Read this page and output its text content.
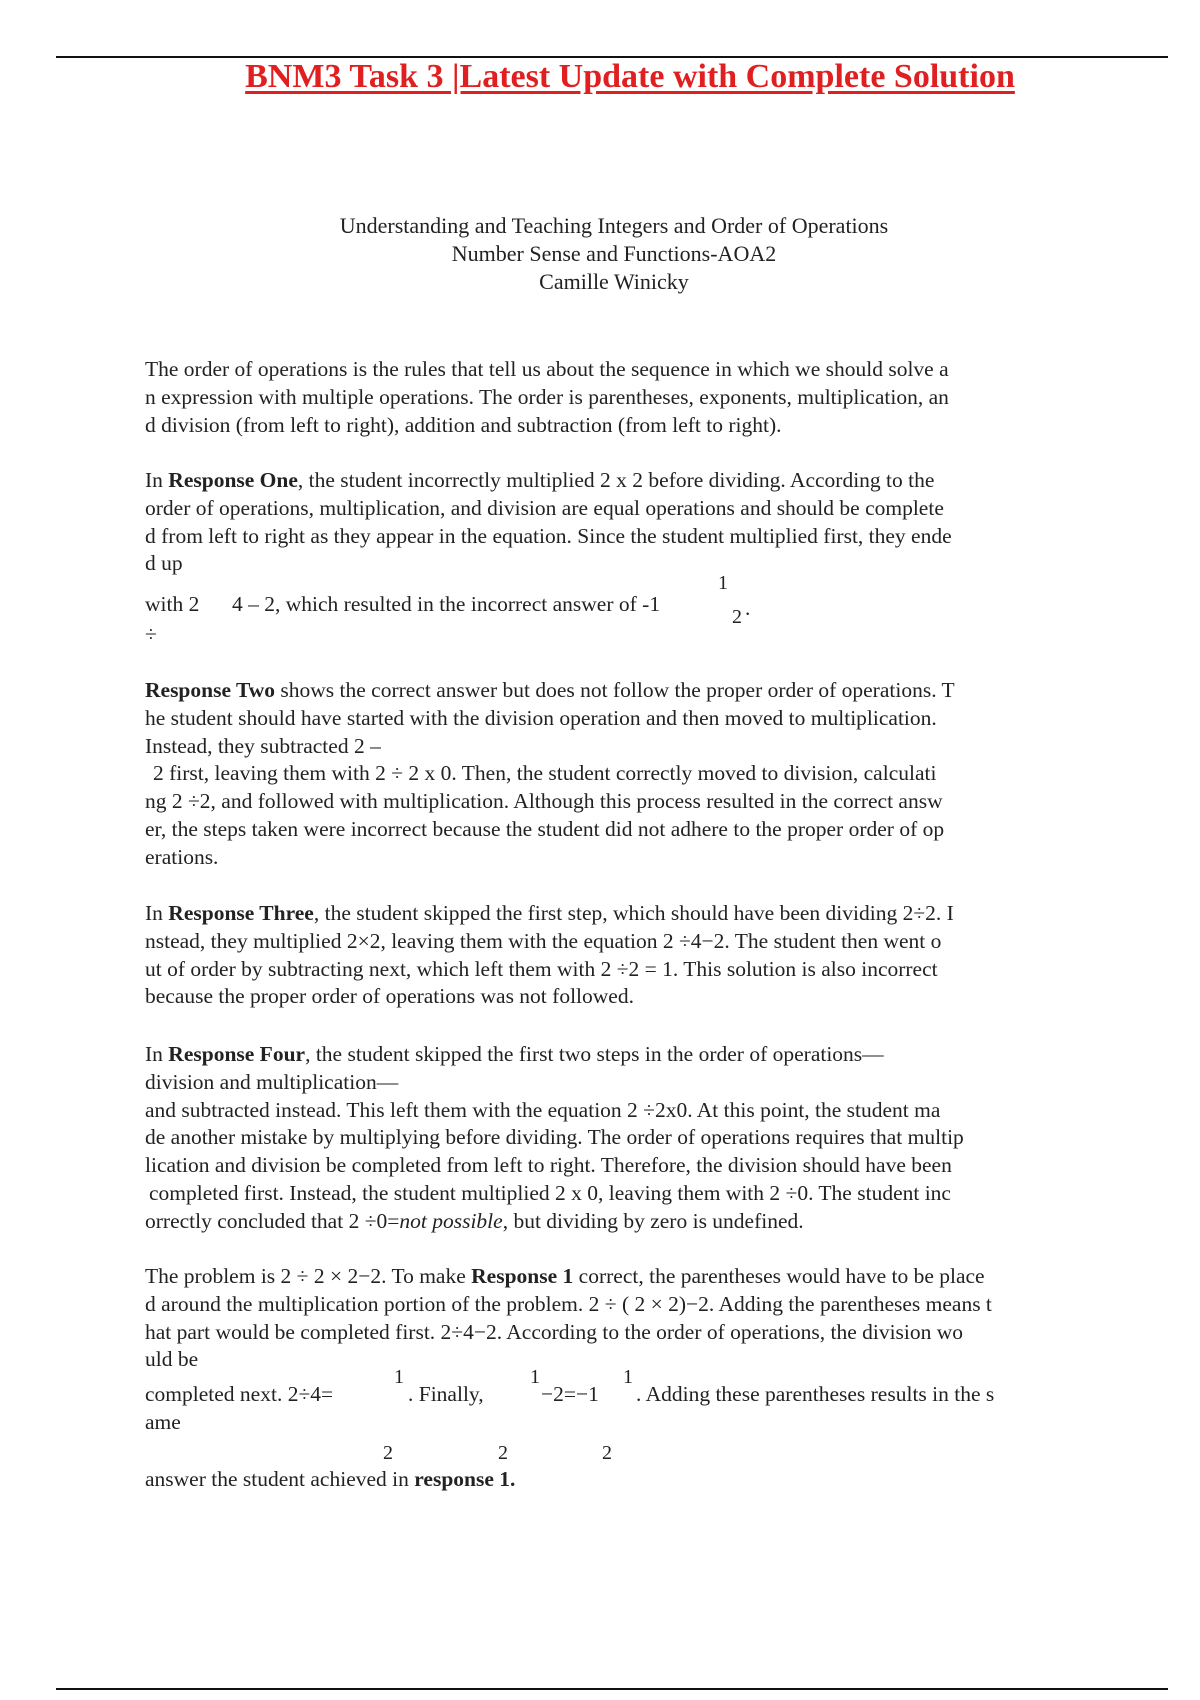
BNM3 Task 3 |Latest Update with Complete Solution
Understanding and Teaching Integers and Order of Operations
Number Sense and Functions-AOA2
Camille Winicky
The order of operations is the rules that tell us about the sequence in which we should solve a
n expression with multiple operations. The order is parentheses, exponents, multiplication, an
d division (from left to right), addition and subtraction (from left to right).
In Response One, the student incorrectly multiplied 2 x 2 before dividing. According to the
order of operations, multiplication, and division are equal operations and should be complete
d from left to right as they appear in the equation. Since the student multiplied first, they ende
d up
with 2 4 – 2, which resulted in the incorrect answer of -1
1
2 .
÷
Response Two shows the correct answer but does not follow the proper order of operations. T
he student should have started with the division operation and then moved to multiplication.
Instead, they subtracted 2 –
2 first, leaving them with 2 ÷ 2 x 0. Then, the student correctly moved to division, calculati
ng 2 ÷2, and followed with multiplication. Although this process resulted in the correct answ
er, the steps taken were incorrect because the student did not adhere to the proper order of op
erations.
In Response Three, the student skipped the first step, which should have been dividing 2÷2. I
nstead, they multiplied 2×2, leaving them with the equation 2 ÷4−2. The student then went o
ut of order by subtracting next, which left them with 2 ÷2 = 1. This solution is also incorrect
because the proper order of operations was not followed.
In Response Four, the student skipped the first two steps in the order of operations—
division and multiplication—
and subtracted instead. This left them with the equation 2 ÷2x0. At this point, the student ma
de another mistake by multiplying before dividing. The order of operations requires that multip
lication and division be completed from left to right. Therefore, the division should have been
completed first. Instead, the student multiplied 2 x 0, leaving them with 2 ÷0. The student inc
orrectly concluded that 2 ÷0=not possible, but dividing by zero is undefined.
The problem is 2 ÷ 2 × 2−2. To make Response 1 correct, the parentheses would have to be place
d around the multiplication portion of the problem. 2 ÷ ( 2 × 2)−2. Adding the parentheses means t
hat part would be completed first. 2÷4−2. According to the order of operations, the division wo
uld be
completed next. 2÷4=
1
. Finally,
1
−2=−1
1
. Adding these parentheses results in the s
ame
2	2	2
answer the student achieved in response 1.
